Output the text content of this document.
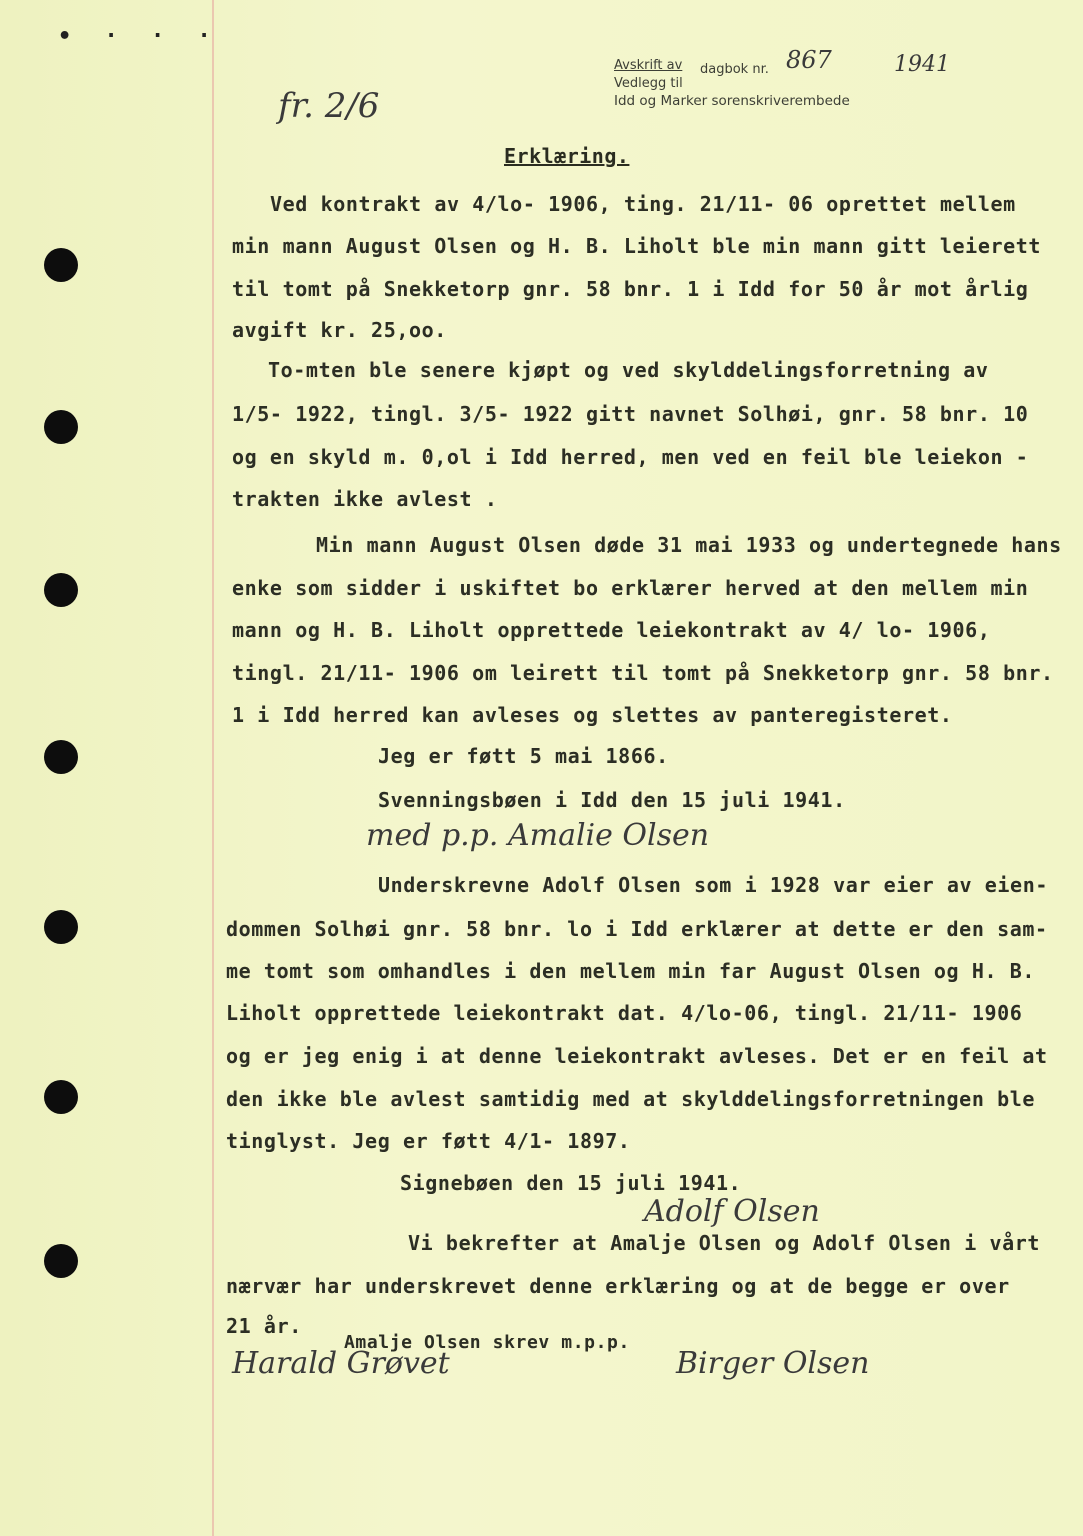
• · · ·
Avskrift av dagbok nr. 867	1941
Vedlegg til
Idd og Marker sorenskriverembede
fr. 2/6
Erklæring.
Ved kontrakt av 4/lo- 1906, ting. 21/11- 06 oprettet mellem
min mann August Olsen og H. B. Liholt ble min mann gitt leierett
til tomt på Snekketorp gnr. 58 bnr. 1 i Idd for 50 år mot årlig
avgift kr. 25,oo.
To-mten ble senere kjøpt og ved skylddelingsforretning av
1/5- 1922, tingl. 3/5- 1922 gitt navnet Solhøi, gnr. 58 bnr. 10
og en skyld m. 0,ol i Idd herred, men ved en feil ble leiekon -
trakten ikke avlest .
Min mann August Olsen døde 31 mai 1933 og undertegnede hans
enke som sidder i uskiftet bo erklærer herved at den mellem min
mann og H. B. Liholt opprettede leiekontrakt av 4/ lo- 1906,
tingl. 21/11- 1906 om leirett til tomt på Snekketorp gnr. 58 bnr.
1 i Idd herred kan avleses og slettes av panteregisteret.
Jeg er føtt 5 mai 1866.
Svenningsbøen i Idd den 15 juli 1941.
med p.p. Amalie Olsen
Underskrevne Adolf Olsen som i 1928 var eier av eien-
dommen Solhøi gnr. 58 bnr. lo i Idd erklærer at dette er den sam-
me tomt som omhandles i den mellem min far August Olsen og H. B.
Liholt opprettede leiekontrakt dat. 4/lo-06, tingl. 21/11- 1906
og er jeg enig i at denne leiekontrakt avleses. Det er en feil at
den ikke ble avlest samtidig med at skylddelingsforretningen ble
tinglyst. Jeg er føtt 4/1- 1897.
Signebøen den 15 juli 1941.
Adolf Olsen
Vi bekrefter at Amalje Olsen og Adolf Olsen i vårt
nærvær har underskrevet denne erklæring og at de begge er over
21 år.
Amalje Olsen skrev m.p.p.
Harald Grøvet	Birger Olsen
